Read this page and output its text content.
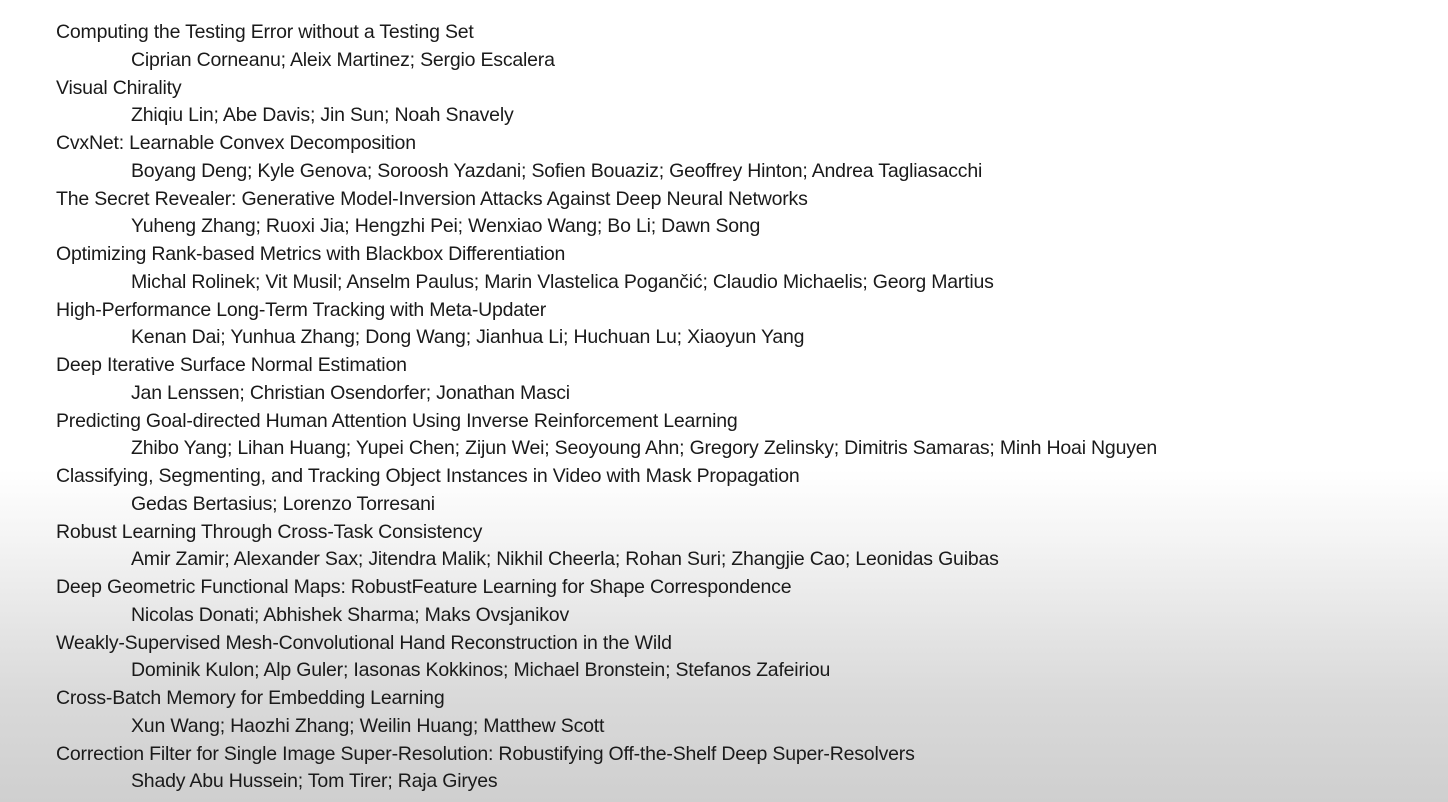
Computing the Testing Error without a Testing Set
Ciprian Corneanu; Aleix Martinez; Sergio Escalera
Visual Chirality
Zhiqiu Lin; Abe Davis; Jin Sun; Noah Snavely
CvxNet: Learnable Convex Decomposition
Boyang Deng; Kyle Genova; Soroosh Yazdani; Sofien Bouaziz; Geoffrey Hinton; Andrea Tagliasacchi
The Secret Revealer: Generative Model-Inversion Attacks Against Deep Neural Networks
Yuheng Zhang; Ruoxi Jia; Hengzhi Pei; Wenxiao Wang; Bo Li; Dawn Song
Optimizing Rank-based Metrics with Blackbox Differentiation
Michal Rolinek; Vit Musil; Anselm Paulus; Marin Vlastelica Pogančić; Claudio Michaelis; Georg Martius
High-Performance Long-Term Tracking with Meta-Updater
Kenan Dai; Yunhua Zhang; Dong Wang; Jianhua Li; Huchuan Lu; Xiaoyun Yang
Deep Iterative Surface Normal Estimation
Jan Lenssen; Christian Osendorfer; Jonathan Masci
Predicting Goal-directed Human Attention Using Inverse Reinforcement Learning
Zhibo Yang; Lihan Huang; Yupei Chen; Zijun Wei; Seoyoung Ahn; Gregory Zelinsky; Dimitris Samaras; Minh Hoai Nguyen
Classifying, Segmenting, and Tracking Object Instances in Video with Mask Propagation
Gedas Bertasius; Lorenzo Torresani
Robust Learning Through Cross-Task Consistency
Amir Zamir; Alexander Sax; Jitendra Malik; Nikhil Cheerla; Rohan Suri; Zhangjie Cao; Leonidas Guibas
Deep Geometric Functional Maps: RobustFeature Learning for Shape Correspondence
Nicolas Donati; Abhishek Sharma; Maks Ovsjanikov
Weakly-Supervised Mesh-Convolutional Hand Reconstruction in the Wild
Dominik Kulon; Alp Guler; Iasonas Kokkinos; Michael Bronstein; Stefanos Zafeiriou
Cross-Batch Memory for Embedding Learning
Xun Wang; Haozhi Zhang; Weilin Huang; Matthew Scott
Correction Filter for Single Image Super-Resolution: Robustifying Off-the-Shelf Deep Super-Resolvers
Shady Abu Hussein; Tom Tirer; Raja Giryes
